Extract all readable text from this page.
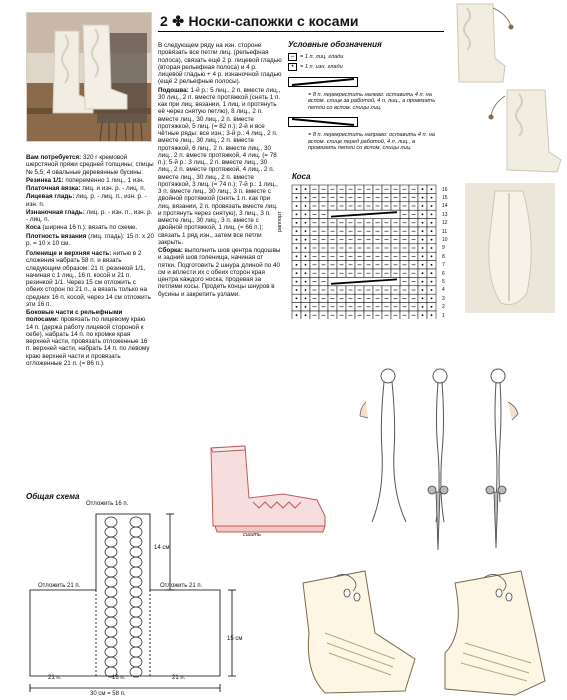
2 ✤ Носки-сапожки с косами

Вам потребуется: 320 г кремовой шерстяной пряжи средней толщины; спицы № 5,5; 4 овальные деревянные бусины.

Резинка 1/1: попеременно 1 лиц., 1 изн.

Платочная вязка: лиц. и изн. р. - лиц. п.

Лицевая гладь: лиц. р. - лиц. п., изн. р. - изн. п.

Изнаночная гладь: лиц. р. - изн. п., изн. р. - лиц. п.

Коса (ширина 16 п.): вязать по схеме.

Плотность вязания (лиц. гладь): 15 п. х 20 р. = 10 х 10 см.

Голенище и верхняя часть: нитью в 2 сложения набрать 58 п. и вязать следующим образом: 21 п. резинкой 1/1, начиная с 1 лиц., 16 п. косой и 21 п. резинкой 1/1. Через 15 см отложить с обеих сторон по 21 п., а вязать только на средних 16 п. косой, через 14 см отложить эти 16 п.

Боковые части с рельефными полосами: провязать по лицевому краю 14 п. (держа работу лицевой стороной к себе), набрать 14 п. по кромке края верхней части, провязать отложенные 16 п. верхней части, набрать 14 п. по левому краю верхней части и провязать отложенные 21 п. (= 86 п.).

В следующем ряду на изн. стороне провязать все петли лиц. (рельефная полоса), связать ещё 2 р. лицевой гладью (вторая рельефная полоса) и 4 р. лицевой гладью + 4 р. изнаночной гладью (ещё 2 рельефные полосы).

Подошва: 1-й р.: 5 лиц., 2 п. вместе лиц., 30 лиц., 2 п. вместе протяжкой (снять 1 п. как при лиц. вязании, 1 лиц. и протянуть её через снятую петлю), 8 лиц., 2 п. вместе лиц., 30 лиц., 2 п. вместе протяжкой, 5 лиц. (= 82 п.); 2-й и все чётные ряды: все изн.; 3-й р.: 4 лиц., 2 п. вместе лиц., 30 лиц., 2 п. вместе протяжкой, 6 лиц., 2 п. вместе лиц., 30 лиц., 2 п. вместе протяжкой, 4 лиц. (= 78 п.); 5-й р.: 3 лиц., 2 п. вместе лиц., 30 лиц., 2 п. вместе протяжкой, 4 лиц., 2 п. вместе лиц., 30 лиц., 2 п. вместе протяжкой, 3 лиц. (= 74 п.); 7-й р.: 1 лиц., 3 п. вместе лиц., 30 лиц., 3 п. вместе с двойной протяжкой (снять 1 п. как при лиц. вязании, 2 п. провязать вместе лиц. и протянуть через снятую), 3 лиц., 3 п. вместе лиц., 30 лиц., 3 п. вместе с двойной протяжкой, 1 лиц. (= 66 п.); связать 1 ряд изн., затем все петли закрыть.

Сборка: выполнить шов центра подошвы и задний шов голенища, начиная от пятки. Подготовить 2 шнура длиной по 40 см и вплести их с обеих сторон края центра каждого носка, продевая за петлями косы. Продеть концы шнуров в бусины и закрепить узлами.

Условные обозначения
–	= 1 п. лиц. глади
•	= 1 п. изн. глади
= 8 п. перекрестить налево: оставить 4 п. на вспом. спице за работой, 4 п. лиц., а провязать петли со вспом. спицы лиц.
= 8 п. перекрестить направо: оставить 4 п. на вспом. спице перед работой, 4 п. лиц., а провязать петли со вспом. спицы лиц.
Коса
раппорт
16
15
14
13
12
11
10
9
8
7
6
5
4
3
2
1
сшить
Общая схема
Отложить 16 п.
Отложить 21 п.	Отложить 21 п.
14 см
15 см
21 п.	16 п.	21 п.
30 см = 58 п.
